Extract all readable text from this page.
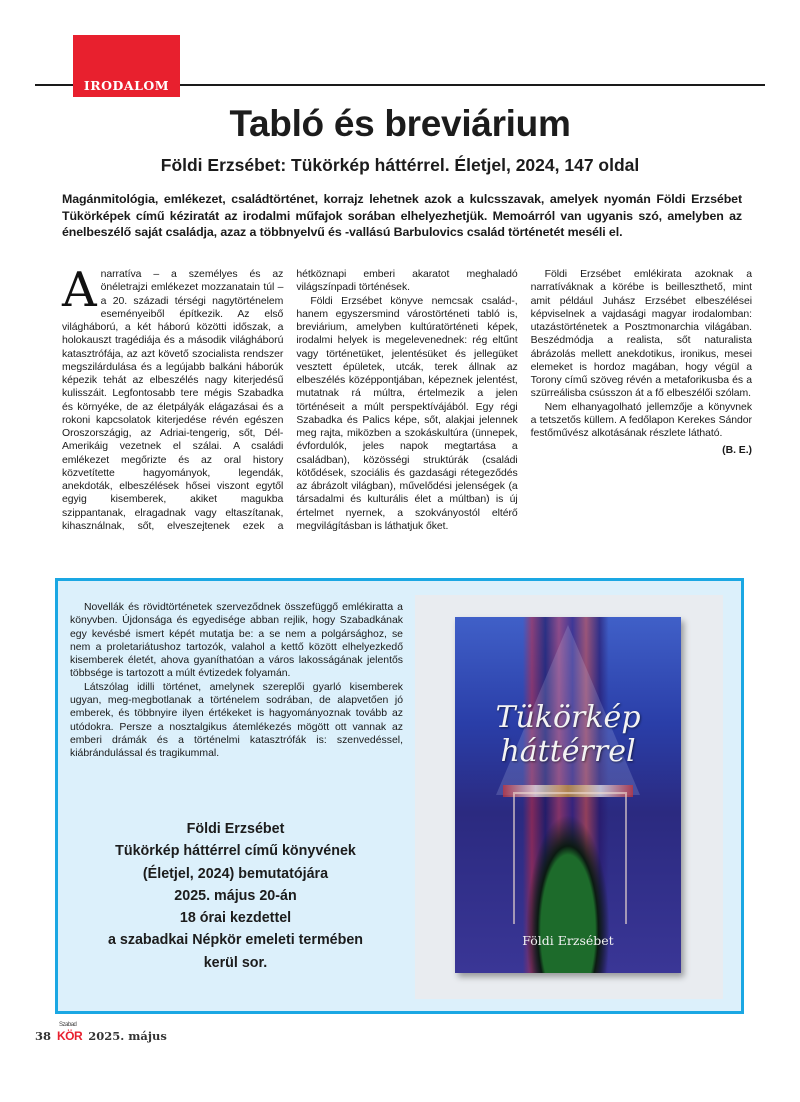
IRODALOM
Tabló és breviárium
Földi Erzsébet: Tükörkép háttérrel. Életjel, 2024, 147 oldal
Magánmitológia, emlékezet, családtörténet, korrajz lehetnek azok a kulcsszavak, amelyek nyomán Földi Erzsébet Tükörképek című kéziratát az irodalmi műfajok sorában elhelyezhetjük. Memoárról van ugyanis szó, amelyben az énelbeszélő saját családja, azaz a többnyelvű és -vallású Barbulovics család történetét meséli el.

Anarratíva – a személyes és az önéletrajzi emlékezet mozzanatain túl – a 20. századi térségi nagytörténelem eseményeiből építkezik. Az első világháború, a két háború közötti időszak, a holokauszt tragédiája és a második világháború katasztrófája, az azt követő szocialista rendszer megszilárdulása és a legújabb balkáni háborúk képezik tehát az elbeszélés nagy kiterjedésű kulisszáit. Legfontosabb tere mégis Szabadka és környéke, de az életpályák elágazásai és a rokoni kapcsolatok kiterjedése révén egészen Oroszországig, az Adriai-tengerig, sőt, Dél-Amerikáig vezetnek el szálai. A családi emlékezet megőrizte és az oral history közvetítette hagyományok, legendák, anekdoták, elbeszélések hősei viszont egytől egyig kisemberek, akiket magukba szippantanak, elragadnak vagy eltaszítanak, kihasználnak, sőt, elveszejtenek ezek a hétköznapi emberi akaratot meghaladó világszínpadi történések.

Földi Erzsébet könyve nemcsak család-, hanem egyszersmind várostörténeti tabló is, breviárium, amelyben kultúratörténeti képek, irodalmi helyek is megelevenednek: rég eltűnt vagy történetüket, jelentésüket és jellegüket vesztett épületek, utcák, terek állnak az elbeszélés középpontjában, képeznek jelentést, mutatnak rá múltra, értelmezik a jelen történéseit a múlt perspektívájából. Egy régi Szabadka és Palics képe, sőt, alakjai jelennek meg rajta, miközben a szokáskultúra (ünnepek, évfordulók, jeles napok megtartása a családban), közösségi struktúrák (családi kötődések, szociális és gazdasági rétegeződés az ábrázolt világban), művelődési jelenségek (a társadalmi és kulturális élet a múltban) is új értelmet nyernek, a szokványostól eltérő megvilágításban is láthatjuk őket.

Földi Erzsébet emlékirata azoknak a narratíváknak a körébe is beilleszthető, mint amit például Juhász Erzsébet elbeszélései képviselnek a vajdasági magyar irodalomban: utazástörténetek a Posztmonarchia világában. Beszédmódja a realista, sőt naturalista ábrázolás mellett anekdotikus, ironikus, mesei elemeket is hordoz magában, hogy végül a Torony című szöveg révén a metaforikusba és a szürreálisba csússzon át a fő elbeszélői szólam.

Nem elhanyagolható jellemzője a könyvnek a tetszetős küllem. A fedőlapon Kerekes Sándor festőművész alkotásának részlete látható.

(B. E.)

Novellák és rövidtörténetek szerveződnek összefüggő emlékiratta a könyvben. Újdonsága és egyedisége abban rejlik, hogy Szabadkának egy kevésbé ismert képét mutatja be: a se nem a polgársághoz, se nem a proletariátushoz tartozók, valahol a kettő között elhelyezkedő kisemberek életét, ahova gyaníthatóan a város lakosságának jelentős többsége is tartozott a múlt évtizedek folyamán.

Látszólag idilli történet, amelynek szereplői gyarló kisemberek ugyan, meg-megbotlanak a történelem sodrában, de alapvetően jó emberek, és többnyire ilyen értékeket is hagyományoznak tovább az utódokra. Persze a nosztalgikus átemlékezés mögött ott vannak az emberi drámák és a történelmi katasztrófák is: szenvedéssel, kiábrándulással és tragikummal.

Földi Erzsébet
Tükörkép háttérrel című könyvének
(Életjel, 2024) bemutatójára
2025. május 20-án
18 órai kezdettel
a szabadkai Népkör emeleti termében
kerül sor.
Tükörkép
háttérrel
Földi Erzsébet
38
Szabad
KÖR 2025. május
